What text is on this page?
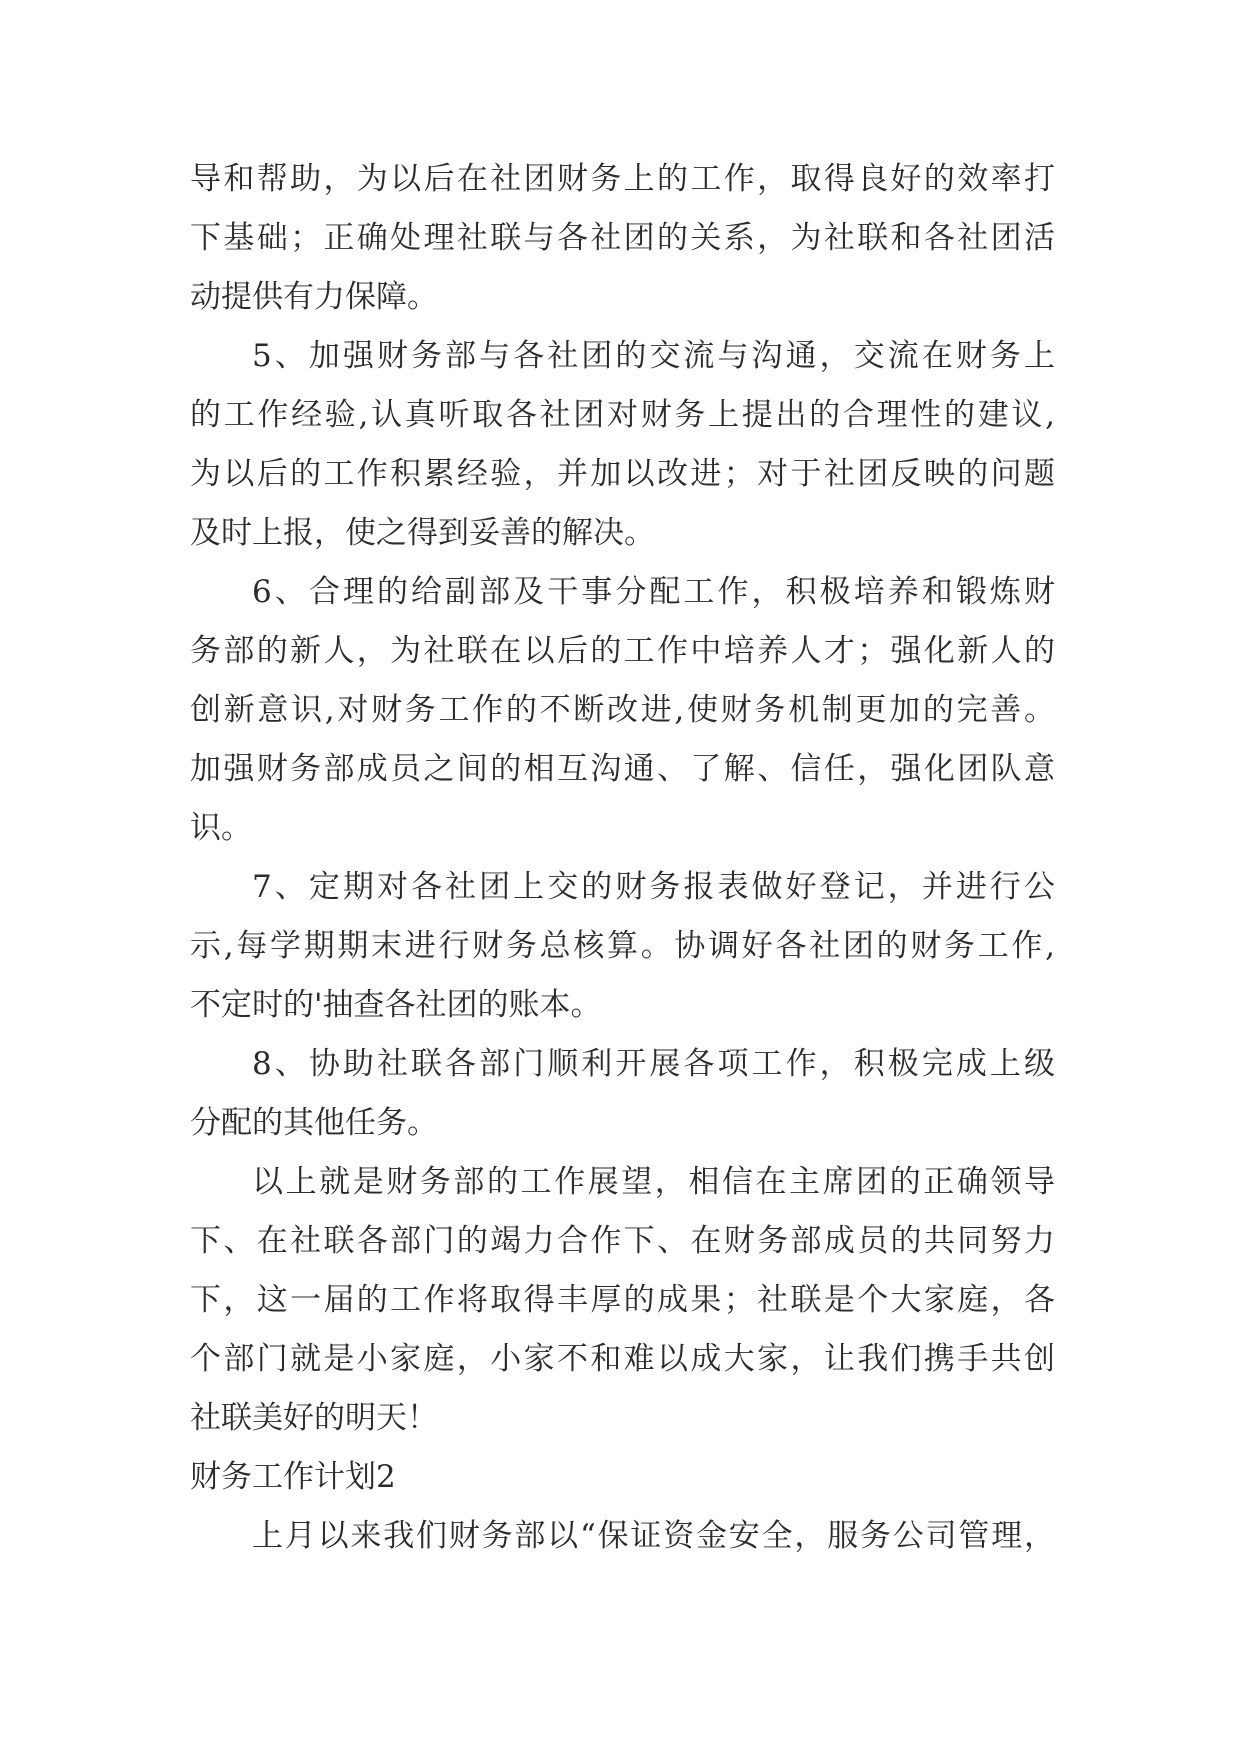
导和帮助，为以后在社团财务上的工作，取得良好的效率打
下基础；正确处理社联与各社团的关系，为社联和各社团活
动提供有力保障。
5、加强财务部与各社团的交流与沟通，交流在财务上
的工作经验,认真听取各社团对财务上提出的合理性的建议,
为以后的工作积累经验，并加以改进；对于社团反映的问题
及时上报，使之得到妥善的解决。
6、合理的给副部及干事分配工作，积极培养和锻炼财
务部的新人，为社联在以后的工作中培养人才；强化新人的
创新意识,对财务工作的不断改进,使财务机制更加的完善。
加强财务部成员之间的相互沟通、了解、信任，强化团队意
识。
7、定期对各社团上交的财务报表做好登记，并进行公
示,每学期期末进行财务总核算。协调好各社团的财务工作,
不定时的'抽查各社团的账本。
8、协助社联各部门顺利开展各项工作，积极完成上级
分配的其他任务。
以上就是财务部的工作展望，相信在主席团的正确领导
下、在社联各部门的竭力合作下、在财务部成员的共同努力
下，这一届的工作将取得丰厚的成果；社联是个大家庭，各
个部门就是小家庭，小家不和难以成大家，让我们携手共创
社联美好的明天！
财务工作计划2
上月以来我们财务部以“保证资金安全，服务公司管理，
